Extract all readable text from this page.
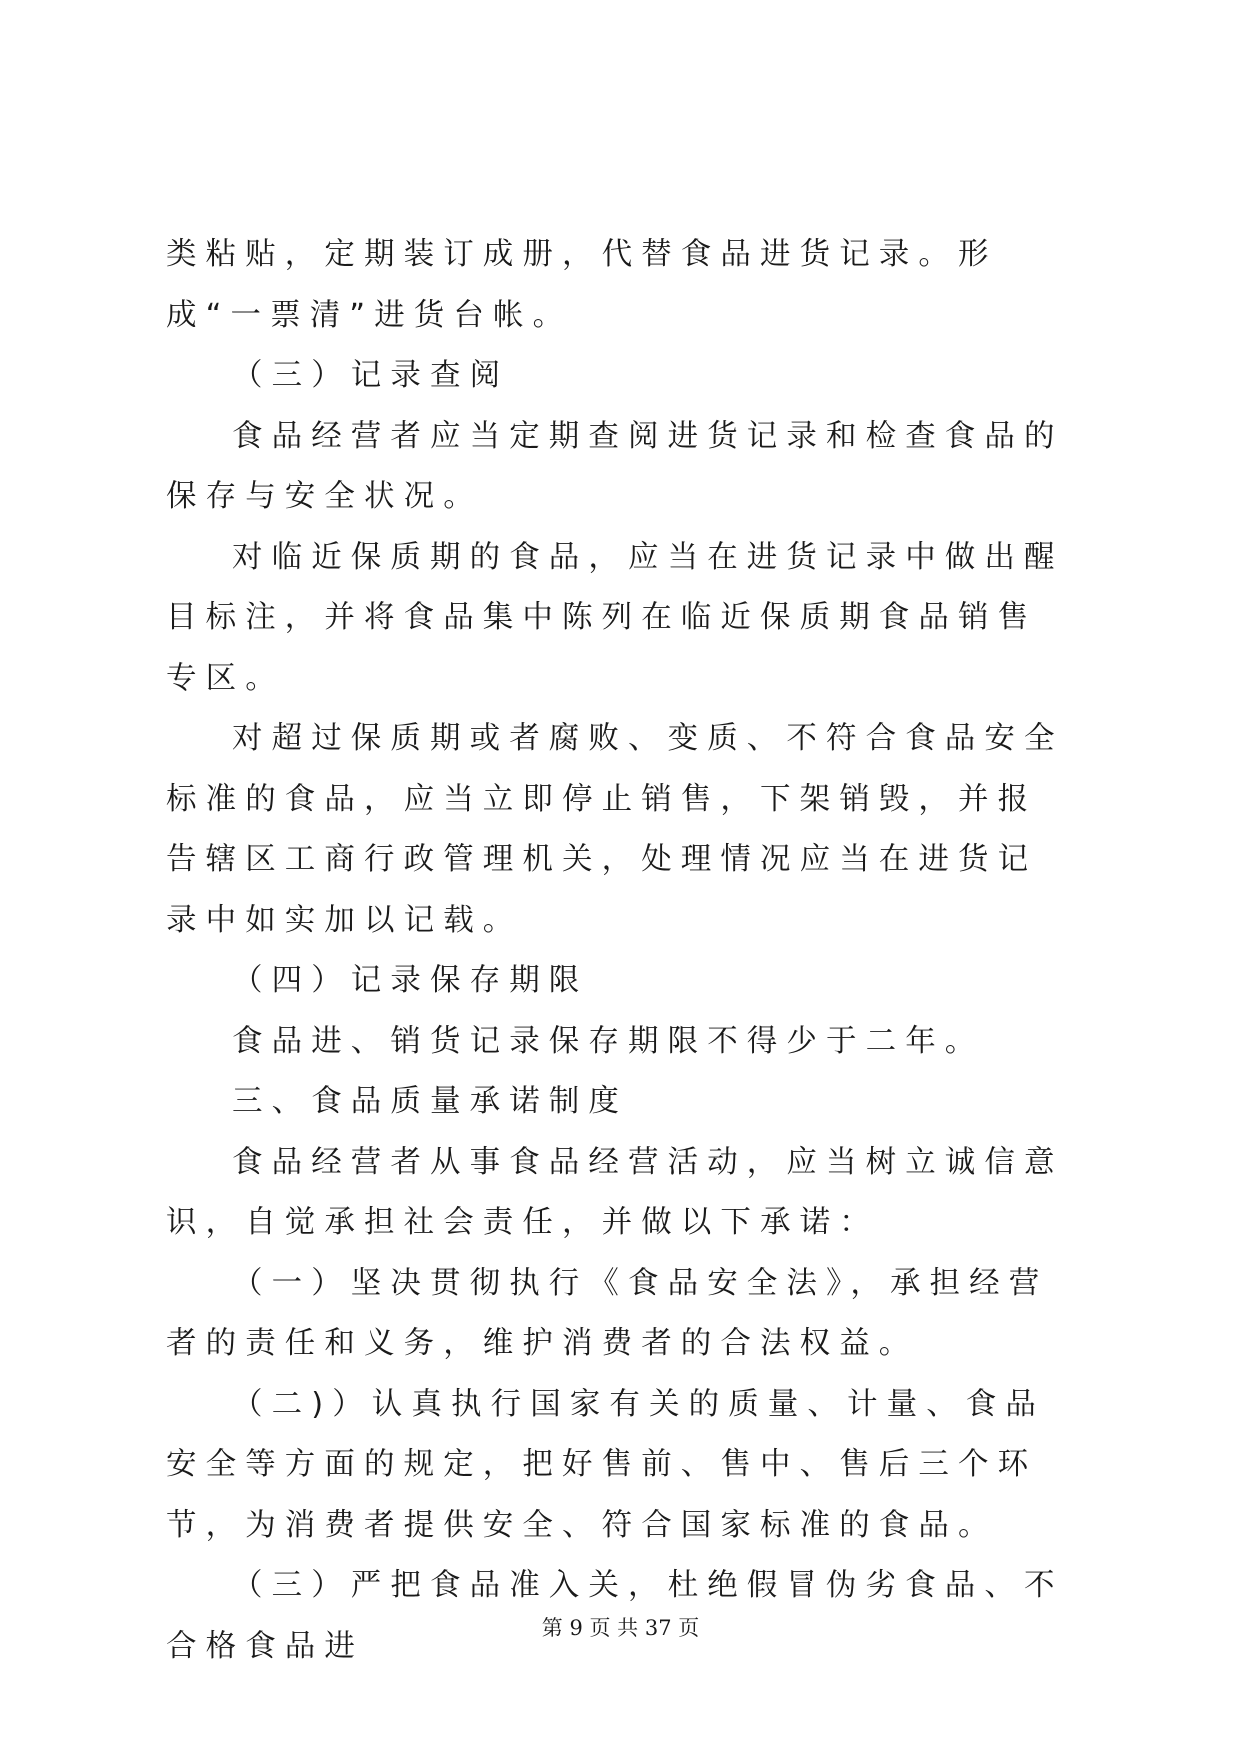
类粘贴，定期装订成册，代替食品进货记录。形成“一票清”进货台帐。

（三）记录查阅

食品经营者应当定期查阅进货记录和检查食品的保存与安全状况。

对临近保质期的食品，应当在进货记录中做出醒目标注，并将食品集中陈列在临近保质期食品销售专区。

对超过保质期或者腐败、变质、不符合食品安全标准的食品，应当立即停止销售，下架销毁，并报告辖区工商行政管理机关，处理情况应当在进货记录中如实加以记载。

（四）记录保存期限

食品进、销货记录保存期限不得少于二年。

三、食品质量承诺制度

食品经营者从事食品经营活动，应当树立诚信意识，自觉承担社会责任，并做以下承诺：

（一）坚决贯彻执行《食品安全法》，承担经营者的责任和义务，维护消费者的合法权益。

（二)）认真执行国家有关的质量、计量、食品安全等方面的规定，把好售前、售中、售后三个环节，为消费者提供安全、符合国家标准的食品。

（三）严把食品准入关，杜绝假冒伪劣食品、不合格食品进

第 9 页 共 37 页
